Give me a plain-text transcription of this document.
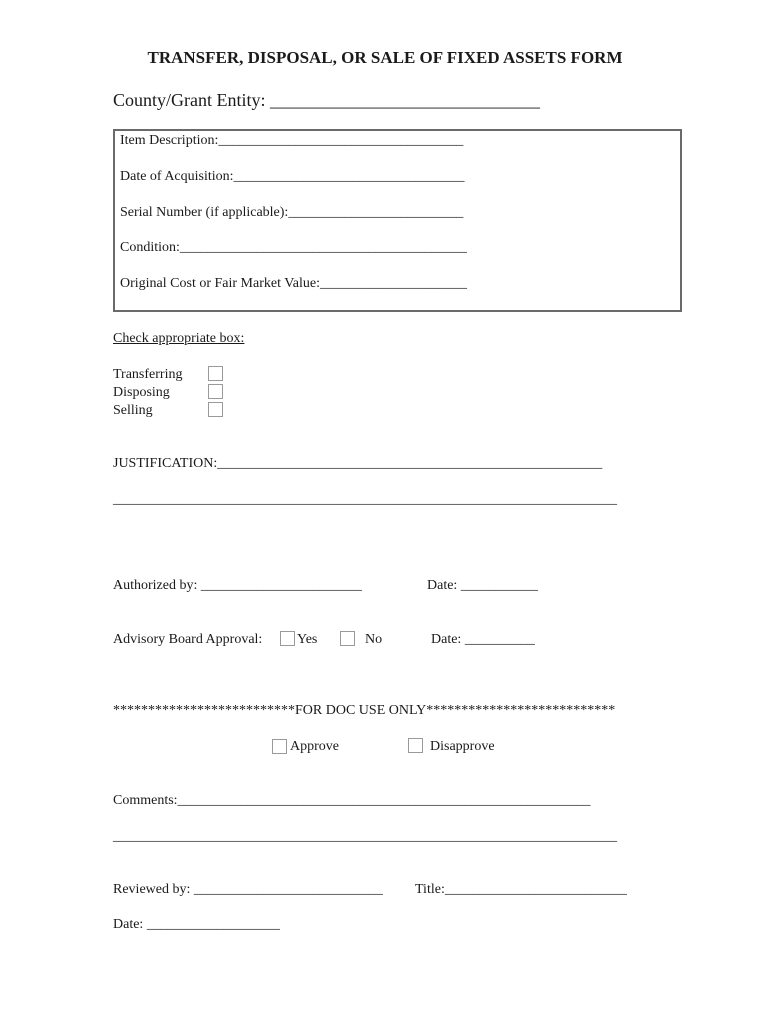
TRANSFER, DISPOSAL, OR SALE OF FIXED ASSETS FORM
County/Grant Entity: ______________________________
Item Description:___________________________________
Date of Acquisition:_________________________________
Serial Number (if applicable):_________________________
Condition:_________________________________________
Original Cost or Fair Market Value:_____________________
Check appropriate box:
Transferring
Disposing
Selling
JUSTIFICATION:_______________________________________________________
________________________________________________________________________
Authorized by: _______________________	Date: ___________
Advisory Board Approval: Yes	No	Date: __________
**************************FOR DOC USE ONLY***************************
Approve	Disapprove
Comments:___________________________________________________________
________________________________________________________________________
Reviewed by: ___________________________ Title:__________________________
Date: ___________________
